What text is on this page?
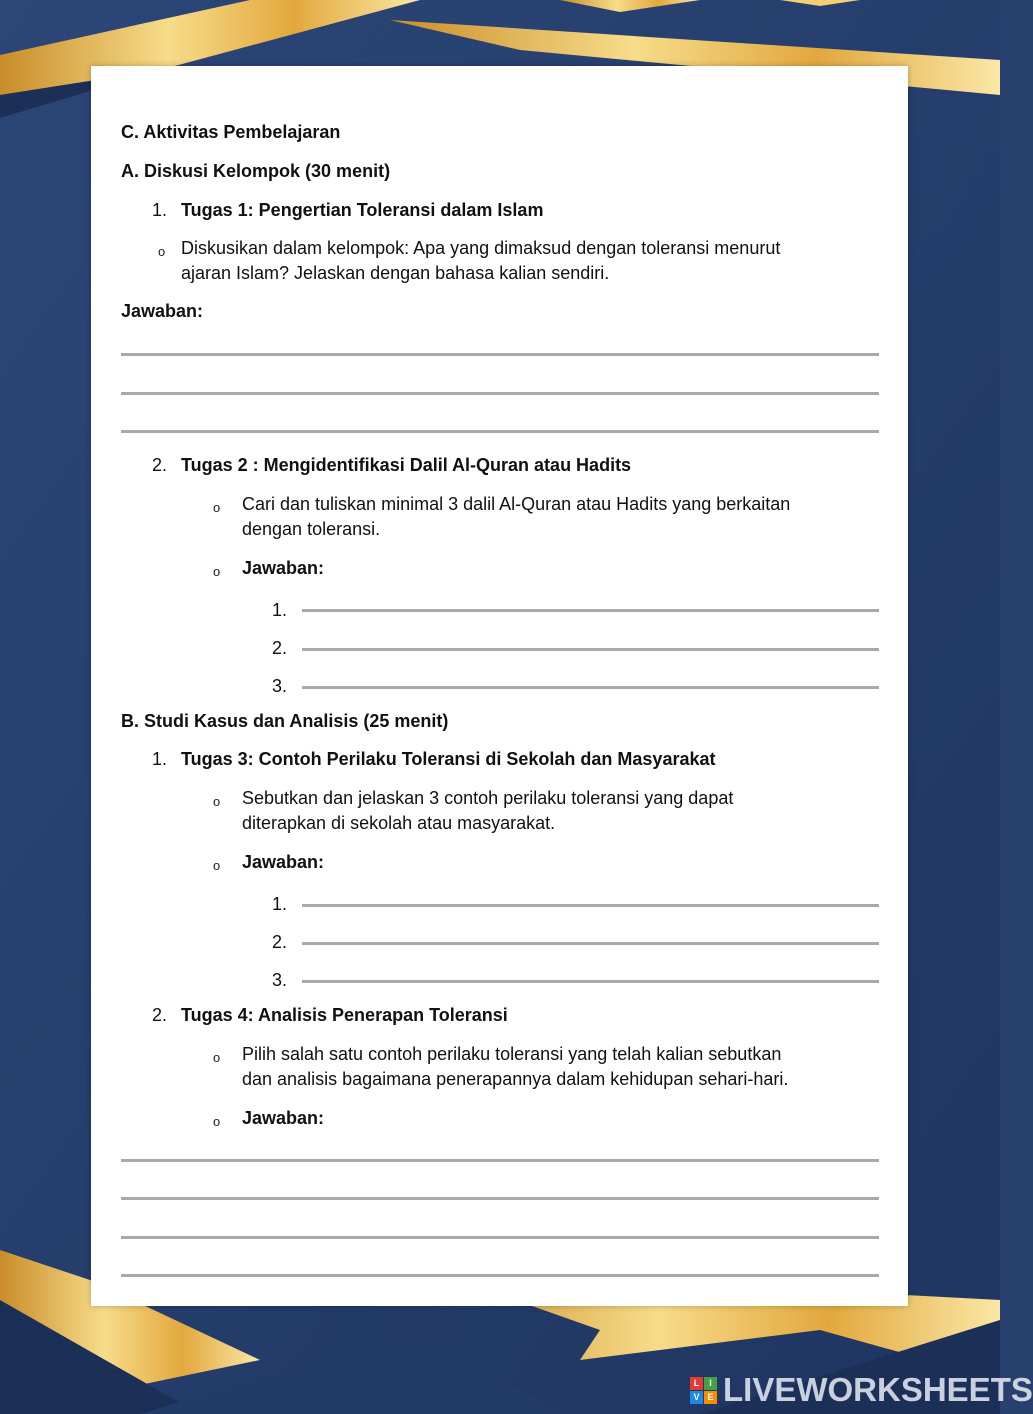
C. Aktivitas Pembelajaran
A. Diskusi Kelompok (30 menit)
1. Tugas 1: Pengertian Toleransi dalam Islam
o Diskusikan dalam kelompok: Apa yang dimaksud dengan toleransi menurut
ajaran Islam? Jelaskan dengan bahasa kalian sendiri.
Jawaban:
2. Tugas 2 : Mengidentifikasi Dalil Al-Quran atau Hadits
o Cari dan tuliskan minimal 3 dalil Al-Quran atau Hadits yang berkaitan
dengan toleransi.
o Jawaban:
1.
2.
3.
B. Studi Kasus dan Analisis (25 menit)
1. Tugas 3: Contoh Perilaku Toleransi di Sekolah dan Masyarakat
o Sebutkan dan jelaskan 3 contoh perilaku toleransi yang dapat
diterapkan di sekolah atau masyarakat.
o Jawaban:
1.
2.
3.
2. Tugas 4: Analisis Penerapan Toleransi
o Pilih salah satu contoh perilaku toleransi yang telah kalian sebutkan
dan analisis bagaimana penerapannya dalam kehidupan sehari-hari.
o Jawaban:
L	I
V E LIVEWORKSHEETS
